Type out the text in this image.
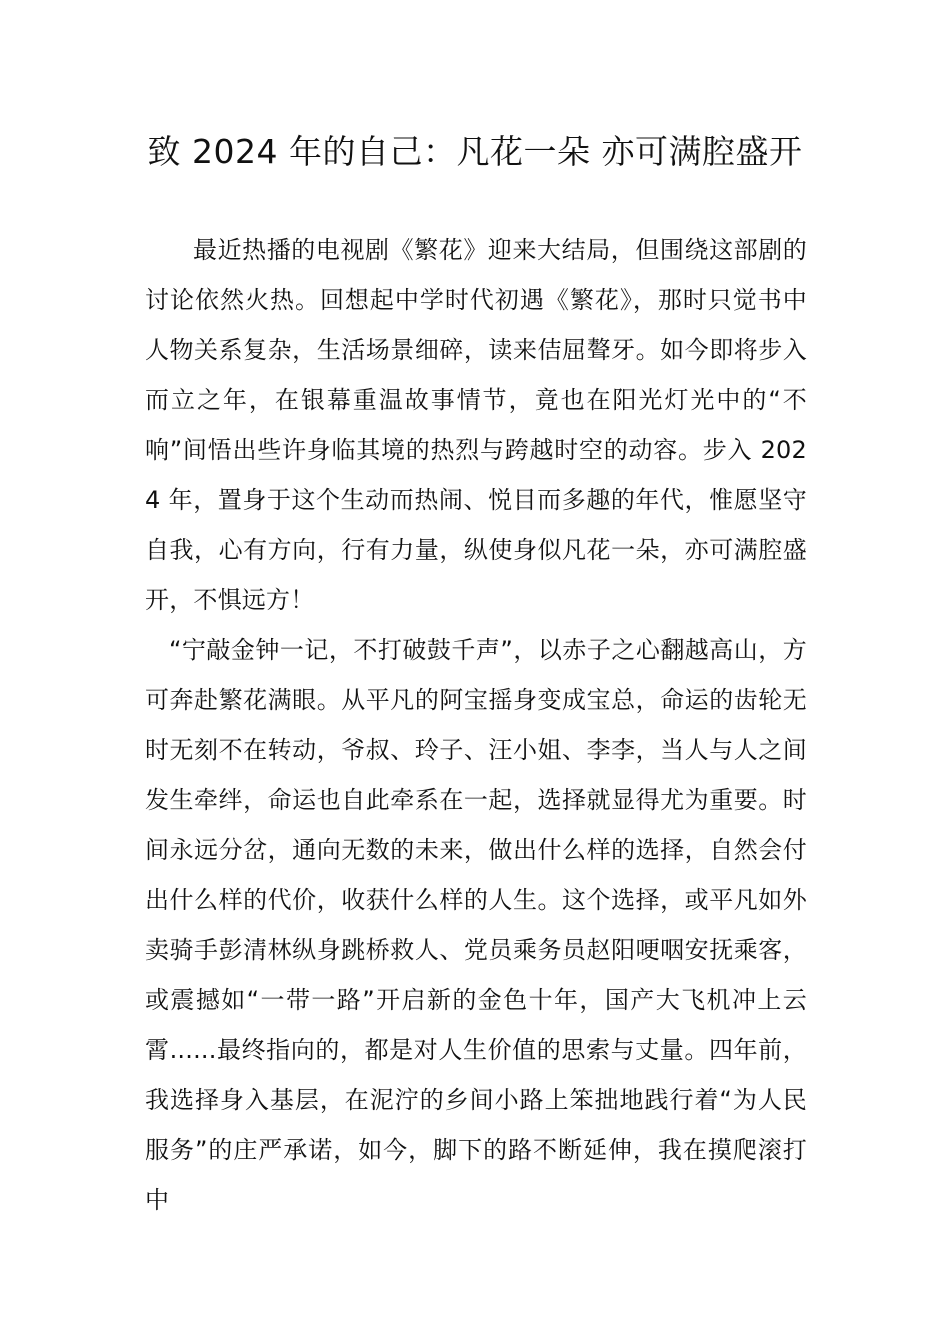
致 2024 年的自己：凡花一朵 亦可满腔盛开

最近热播的电视剧《繁花》迎来大结局，但围绕这部剧的讨论依然火热。回想起中学时代初遇《繁花》，那时只觉书中人物关系复杂，生活场景细碎，读来佶屈聱牙。如今即将步入而立之年，在银幕重温故事情节，竟也在阳光灯光中的“不响”间悟出些许身临其境的热烈与跨越时空的动容。步入 2024 年，置身于这个生动而热闹、悦目而多趣的年代，惟愿坚守自我，心有方向，行有力量，纵使身似凡花一朵，亦可满腔盛开，不惧远方！

“宁敲金钟一记，不打破鼓千声”，以赤子之心翻越高山，方可奔赴繁花满眼。从平凡的阿宝摇身变成宝总，命运的齿轮无时无刻不在转动，爷叔、玲子、汪小姐、李李，当人与人之间发生牵绊，命运也自此牵系在一起，选择就显得尤为重要。时间永远分岔，通向无数的未来，做出什么样的选择，自然会付出什么样的代价，收获什么样的人生。这个选择，或平凡如外卖骑手彭清林纵身跳桥救人、党员乘务员赵阳哽咽安抚乘客，或震撼如“一带一路”开启新的金色十年，国产大飞机冲上云霄......最终指向的，都是对人生价值的思索与丈量。四年前，我选择身入基层，在泥泞的乡间小路上笨拙地践行着“为人民服务”的庄严承诺，如今，脚下的路不断延伸，我在摸爬滚打中
